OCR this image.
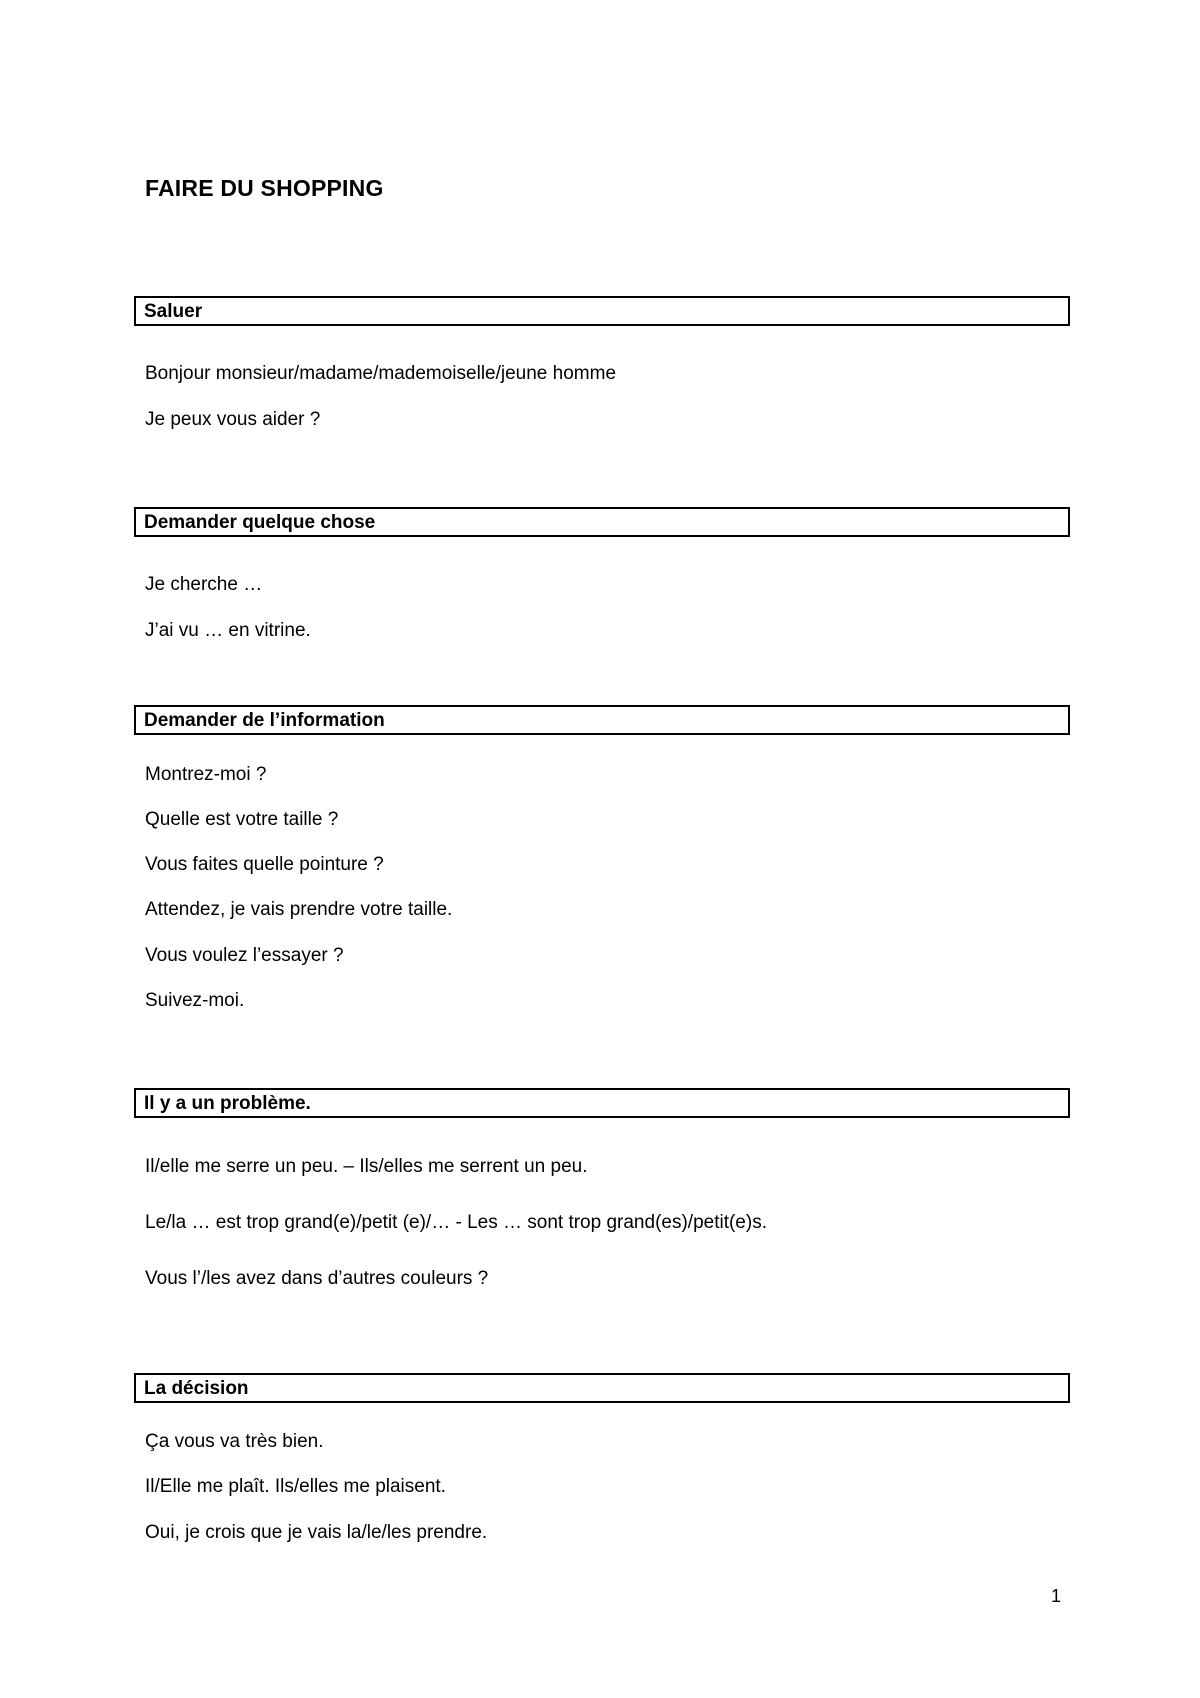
FAIRE DU SHOPPING
Saluer
Bonjour monsieur/madame/mademoiselle/jeune homme
Je peux vous aider ?
Demander quelque chose
Je cherche …
J’ai vu … en vitrine.
Demander de l’information
Montrez-moi ?
Quelle est votre taille ?
Vous faites quelle pointure ?
Attendez, je vais prendre votre taille.
Vous voulez l’essayer ?
Suivez-moi.
Il y a un problème.
Il/elle me serre un peu. – Ils/elles me serrent un peu.
Le/la … est trop grand(e)/petit (e)/… - Les … sont trop grand(es)/petit(e)s.
Vous l’/les avez dans d’autres couleurs ?
La décision
Ça vous va très bien.
Il/Elle me plaît. Ils/elles me plaisent.
Oui, je crois que je vais la/le/les prendre.
1
